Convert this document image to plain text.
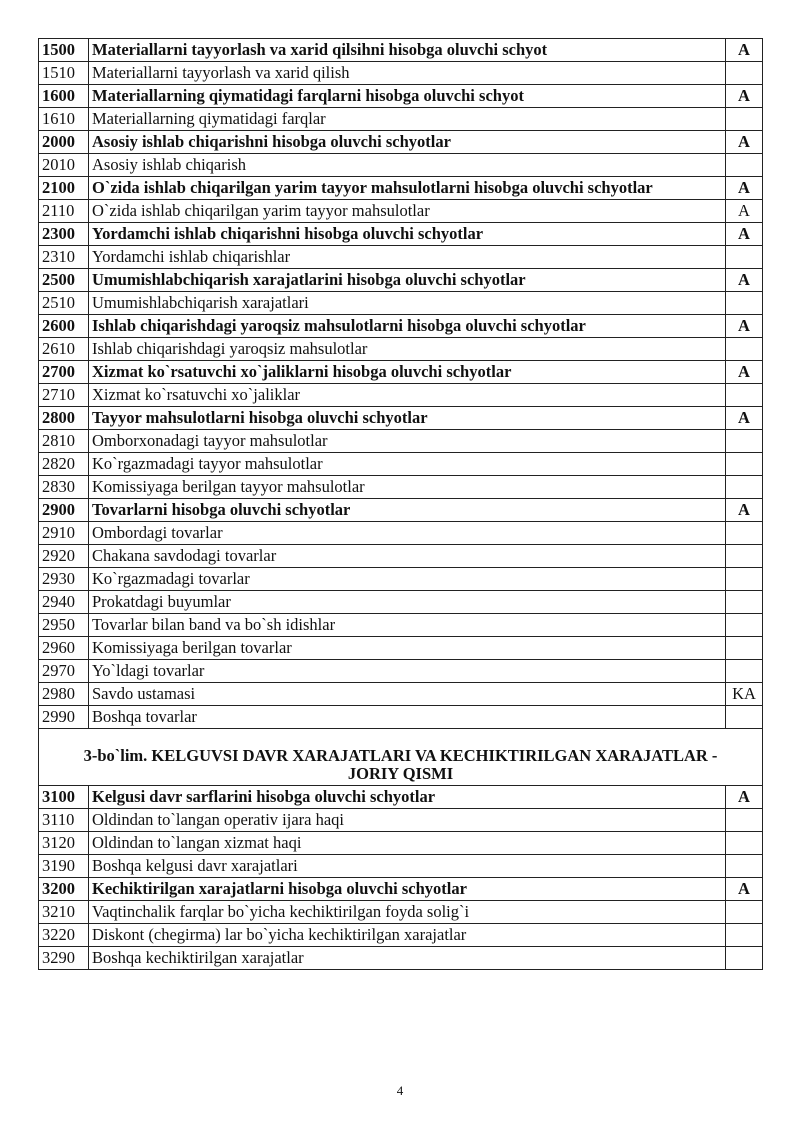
1500	Materiallarni tayyorlash va xarid qilsihni hisobga oluvchi schyot	A
1510	Materiallarni tayyorlash va xarid qilish	
1600	Materiallarning qiymatidagi farqlarni hisobga oluvchi schyot	A
1610	Materiallarning qiymatidagi farqlar	
2000	Asosiy ishlab chiqarishni hisobga oluvchi schyotlar	A
2010	Asosiy ishlab chiqarish	
2100	O`zida ishlab chiqarilgan yarim tayyor mahsulotlarni hisobga oluvchi schyotlar	A
2110	O`zida ishlab chiqarilgan yarim tayyor mahsulotlar	A
2300	Yordamchi ishlab chiqarishni hisobga oluvchi schyotlar	A
2310	Yordamchi ishlab chiqarishlar	
2500	Umumishlabchiqarish xarajatlarini hisobga oluvchi schyotlar	A
2510	Umumishlabchiqarish xarajatlari	
2600	Ishlab chiqarishdagi yaroqsiz mahsulotlarni hisobga oluvchi schyotlar	A
2610	Ishlab chiqarishdagi yaroqsiz mahsulotlar	
2700	Xizmat ko`rsatuvchi xo`jaliklarni hisobga oluvchi schyotlar	A
2710	Xizmat ko`rsatuvchi xo`jaliklar	
2800	Tayyor mahsulotlarni hisobga oluvchi schyotlar	A
2810	Omborxonadagi tayyor mahsulotlar	
2820	Ko`rgazmadagi tayyor mahsulotlar	
2830	Komissiyaga berilgan tayyor mahsulotlar	
2900	Tovarlarni hisobga oluvchi schyotlar	A
2910	Ombordagi tovarlar	
2920	Chakana savdodagi tovarlar	
2930	Ko`rgazmadagi tovarlar	
2940	Prokatdagi buyumlar	
2950	Tovarlar bilan band va bo`sh idishlar	
2960	Komissiyaga berilgan tovarlar	
2970	Yo`ldagi tovarlar	
2980	Savdo ustamasi	KA
2990	Boshqa tovarlar	
3-bo`lim. KELGUVSI DAVR XARAJATLARI VA KECHIKTIRILGAN XARAJATLAR - JORIY QISMI		
3100	Kelgusi davr sarflarini hisobga oluvchi schyotlar	A
3110	Oldindan to`langan operativ ijara haqi	
3120	Oldindan to`langan xizmat haqi	
3190	Boshqa kelgusi davr xarajatlari	
3200	Kechiktirilgan xarajatlarni hisobga oluvchi schyotlar	A
3210	Vaqtinchalik farqlar bo`yicha kechiktirilgan foyda solig`i	
3220	Diskont (chegirma) lar bo`yicha kechiktirilgan xarajatlar	
3290	Boshqa kechiktirilgan xarajatlar	
4
